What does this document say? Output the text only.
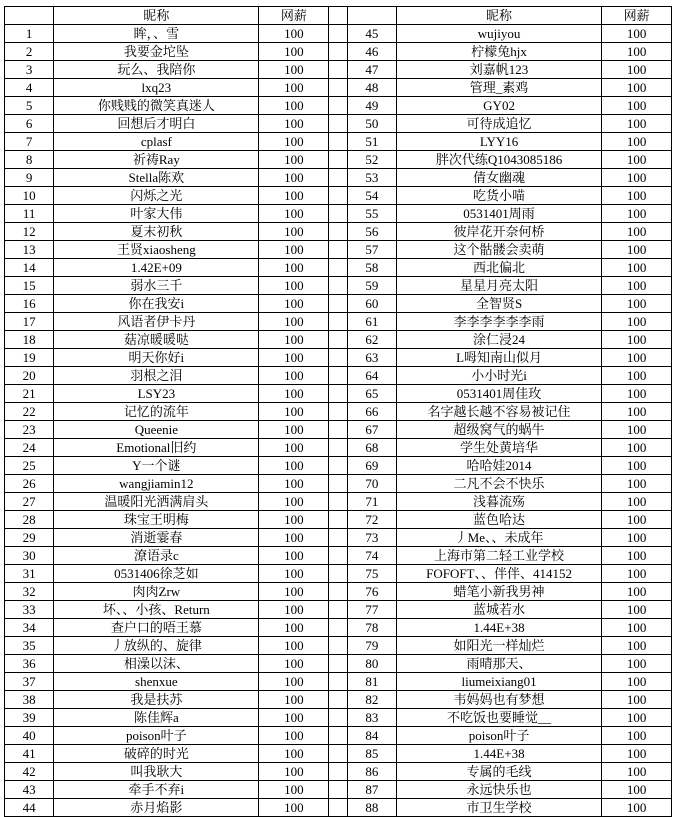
	昵称	网薪			昵称	网薪
1	眸，、雪	100		45	wujiyou	100
2	我要金坨坠	100		46	柠檬兔hjx	100
3	玩么、我陪你	100		47	刘嘉帆123	100
4	lxq23	100		48	管理_素鸡	100
5	你贱贱的微笑真迷人	100		49	GY02	100
6	回想后才明白	100		50	可待成追忆	100
7	cplasf	100		51	LYY16	100
8	祈祷Ray	100		52	胖次代练Q1043085186	100
9	Stella陈欢	100		53	倩女幽魂	100
10	闪烁之光	100		54	吃货小喵	100
11	叶家大伟	100		55	0531401周雨	100
12	夏末初秋	100		56	彼岸花开奈何桥	100
13	王贤xiaosheng	100		57	这个骷髅会卖萌	100
14	1.42E+09	100		58	西北偏北	100
15	弱水三千	100		59	星星月亮太阳	100
16	你在我安i	100		60	全智贤S	100
17	风语者伊卡丹	100		61	李李李李李李雨	100
18	菇凉暖暖哒	100		62	涂仁浸24	100
19	明天你好i	100		63	L呣知南山似月	100
20	羽根之泪	100		64	小小时光i	100
21	LSY23	100		65	0531401周佳玫	100
22	记忆的流年	100		66	名字越长越不容易被记住	100
23	Queenie	100		67	超级窝气的蜗牛	100
24	Emotional旧约	100		68	学生处黄培华	100
25	Y一个谜	100		69	哈哈娃2014	100
26	wangjiamin12	100		70	二凡不会不快乐	100
27	温暖阳光洒满肩头	100		71	浅暮流殇	100
28	珠宝王明梅	100		72	蓝色哈达	100
29	消逝霎春	100		73	丿Me、、未成年	100
30	潦语录c	100		74	上海市第二轻工业学校	100
31	0531406徐芝如	100		75	FOFOFT、、伴伴、414152	100
32	肉肉Zrw	100		76	蜡笔小新我男神	100
33	坏、、小孩、Return	100		77	蓝城若水	100
34	查户口的唔王慕	100		78	1.44E+38	100
35	丿放纵的、旋律	100		79	如阳光一样灿烂	100
36	相澡以沫、	100		80	雨晴那天、	100
37	shenxue	100		81	liumeixiang01	100
38	我是扶苏	100		82	韦妈妈也有梦想	100
39	陈佳辉a	100		83	不吃饭也要睡觉__	100
40	poison叶子	100		84	poison叶子	100
41	破碎的时光	100		85	1.44E+38	100
42	叫我耿大	100		86	专属的毛线	100
43	牵手不弃i	100		87	永远快乐也	100
44	赤月焰影	100		88	市卫生学校	100
